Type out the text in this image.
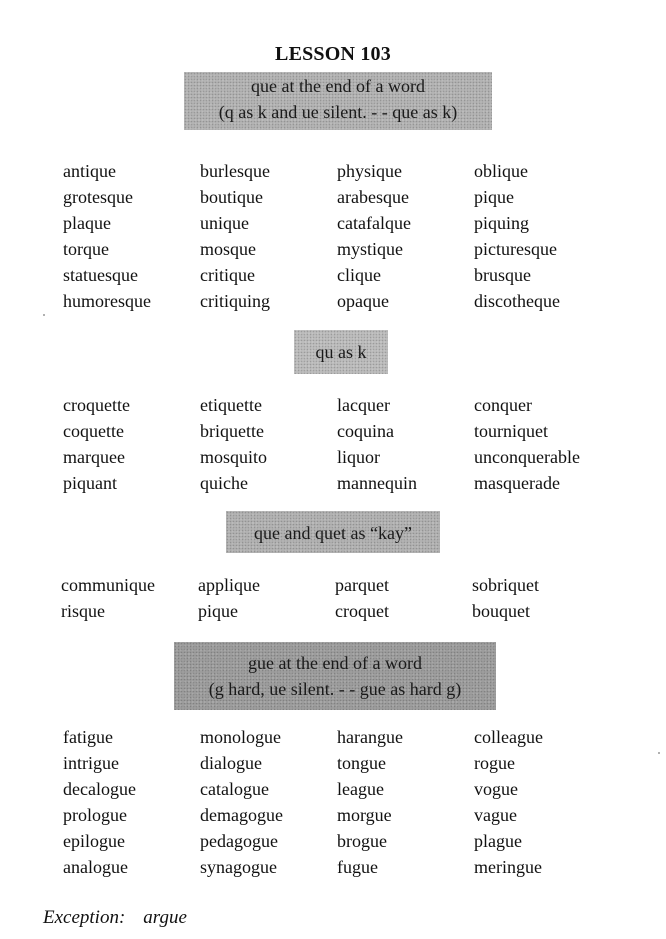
LESSON 103
que at the end of a word
(q as k and ue silent. - - que as k)
antique
grotesque
plaque
torque
statuesque
humoresque
burlesque
boutique
unique
mosque
critique
critiquing
physique
arabesque
catafalque
mystique
clique
opaque
oblique
pique
piquing
picturesque
brusque
discotheque
qu as k
croquette
coquette
marquee
piquant
etiquette
briquette
mosquito
quiche
lacquer
coquina
liquor
mannequin
conquer
tourniquet
unconquerable
masquerade
que and quet as “kay”
communique
risque
applique
pique
parquet
croquet
sobriquet
bouquet
gue at the end of a word
(g hard, ue silent. - - gue as hard g)
fatigue
intrigue
decalogue
prologue
epilogue
analogue
monologue
dialogue
catalogue
demagogue
pedagogue
synagogue
harangue
tongue
league
morgue
brogue
fugue
colleague
rogue
vogue
vague
plague
meringue
Exception: argue
